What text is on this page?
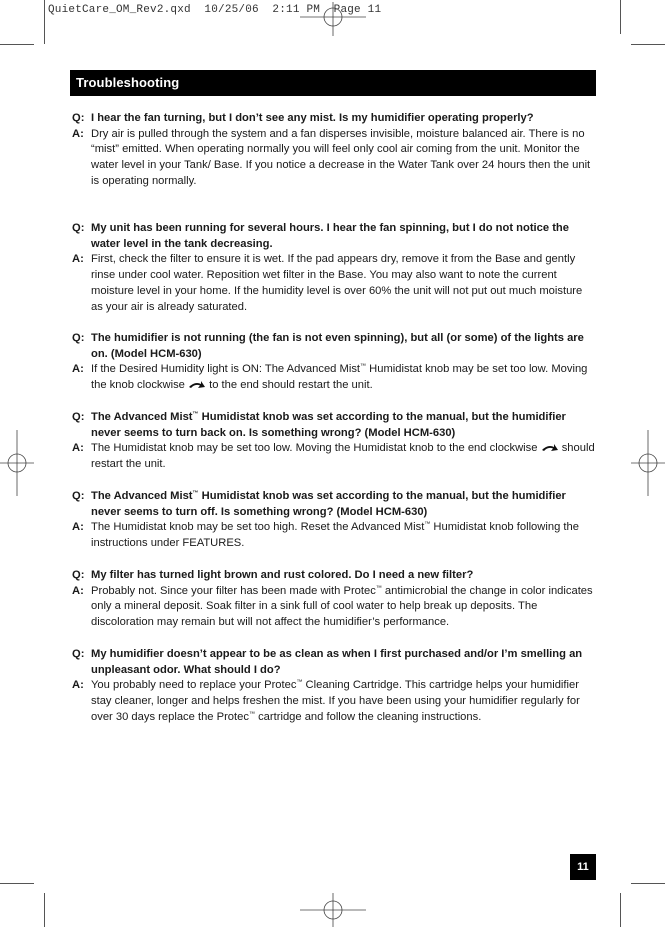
QuietCare_OM_Rev2.qxd  10/25/06  2:11 PM  Page 11
Troubleshooting
Q: I hear the fan turning, but I don’t see any mist. Is my humidifier operating properly?
A: Dry air is pulled through the system and a fan disperses invisible, moisture balanced air. There is no “mist” emitted. When operating normally you will feel only cool air coming from the unit. Monitor the water level in your Tank/ Base. If you notice a decrease in the Water Tank over 24 hours then the unit is operating normally.
Q: My unit has been running for several hours. I hear the fan spinning, but I do not notice the water level in the tank decreasing.
A: First, check the filter to ensure it is wet. If the pad appears dry, remove it from the Base and gently rinse under cool water. Reposition wet filter in the Base. You may also want to note the current moisture level in your home. If the humidity level is over 60% the unit will not put out much moisture as your air is already saturated.
Q: The humidifier is not running (the fan is not even spinning), but all (or some) of the lights are on. (Model HCM-630)
A: If the Desired Humidity light is ON: The Advanced Mist™ Humidistat knob may be set too low. Moving the knob clockwise  to the end should restart the unit.
Q: The Advanced Mist™ Humidistat knob was set according to the manual, but the humidifier never seems to turn back on. Is something wrong? (Model HCM-630)
A: The Humidistat knob may be set too low. Moving the Humidistat knob to the end clockwise  should restart the unit.
Q: The Advanced Mist™ Humidistat knob was set according to the manual, but the humidifier never seems to turn off. Is something wrong? (Model HCM-630)
A: The Humidistat knob may be set too high. Reset the Advanced Mist™ Humidistat knob following the instructions under FEATURES.
Q: My filter has turned light brown and rust colored. Do I need a new filter?
A: Probably not. Since your filter has been made with Protec™ antimicrobial the change in color indicates only a mineral deposit. Soak filter in a sink full of cool water to help break up deposits. The discoloration may remain but will not affect the humidifier’s performance.
Q: My humidifier doesn’t appear to be as clean as when I first purchased and/or I’m smelling an unpleasant odor. What should I do?
A: You probably need to replace your Protec™ Cleaning Cartridge. This cartridge helps your humidifier stay cleaner, longer and helps freshen the mist. If you have been using your humidifier regularly for over 30 days replace the Protec™ cartridge and follow the cleaning instructions.
11
